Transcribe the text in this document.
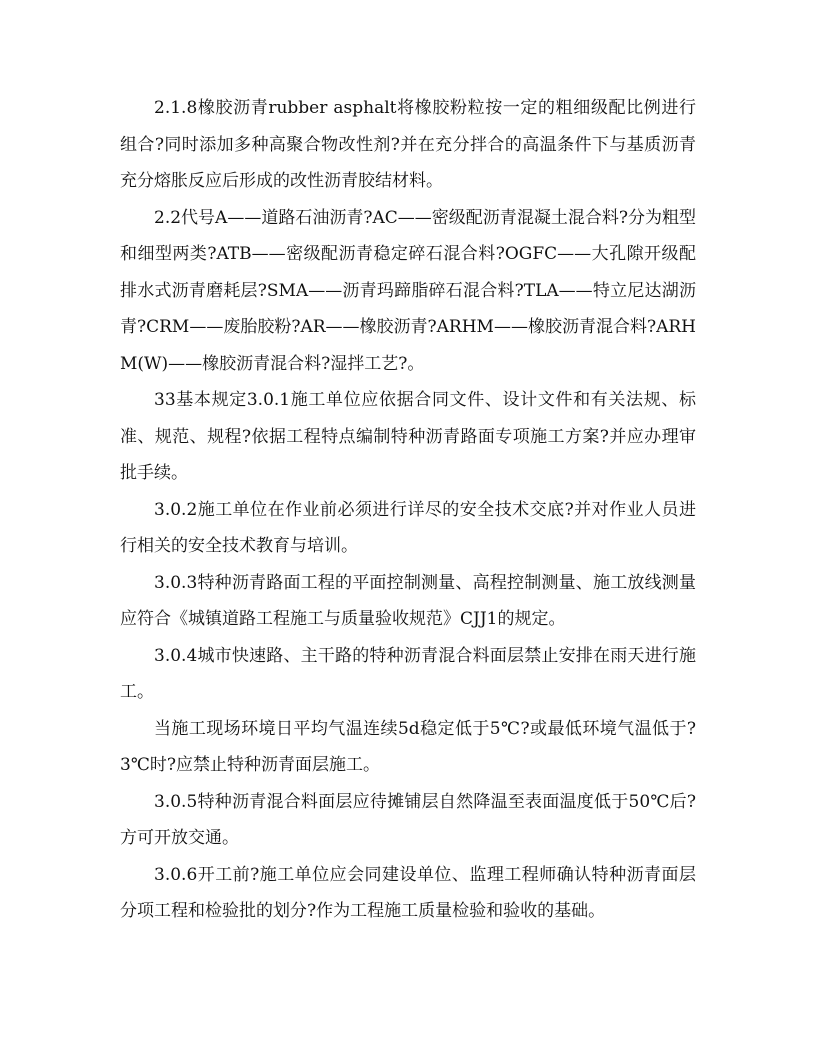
2.1.8橡胶沥青rubber asphalt将橡胶粉粒按一定的粗细级配比例进行组合?同时添加多种高聚合物改性剂?并在充分拌合的高温条件下与基质沥青充分熔胀反应后形成的改性沥青胶结材料。

2.2代号A——道路石油沥青?AC——密级配沥青混凝土混合料?分为粗型和细型两类?ATB——密级配沥青稳定碎石混合料?OGFC——大孔隙开级配排水式沥青磨耗层?SMA——沥青玛蹄脂碎石混合料?TLA——特立尼达湖沥青?CRM——废胎胶粉?AR——橡胶沥青?ARHM——橡胶沥青混合料?ARHM(W)——橡胶沥青混合料?湿拌工艺?。

33基本规定3.0.1施工单位应依据合同文件、设计文件和有关法规、标准、规范、规程?依据工程特点编制特种沥青路面专项施工方案?并应办理审批手续。

3.0.2施工单位在作业前必须进行详尽的安全技术交底?并对作业人员进行相关的安全技术教育与培训。

3.0.3特种沥青路面工程的平面控制测量、高程控制测量、施工放线测量应符合《城镇道路工程施工与质量验收规范》CJJ1的规定。

3.0.4城市快速路、主干路的特种沥青混合料面层禁止安排在雨天进行施工。

当施工现场环境日平均气温连续5d稳定低于5℃?或最低环境气温低于?3℃时?应禁止特种沥青面层施工。

3.0.5特种沥青混合料面层应待摊铺层自然降温至表面温度低于50℃后?方可开放交通。

3.0.6开工前?施工单位应会同建设单位、监理工程师确认特种沥青面层分项工程和检验批的划分?作为工程施工质量检验和验收的基础。
